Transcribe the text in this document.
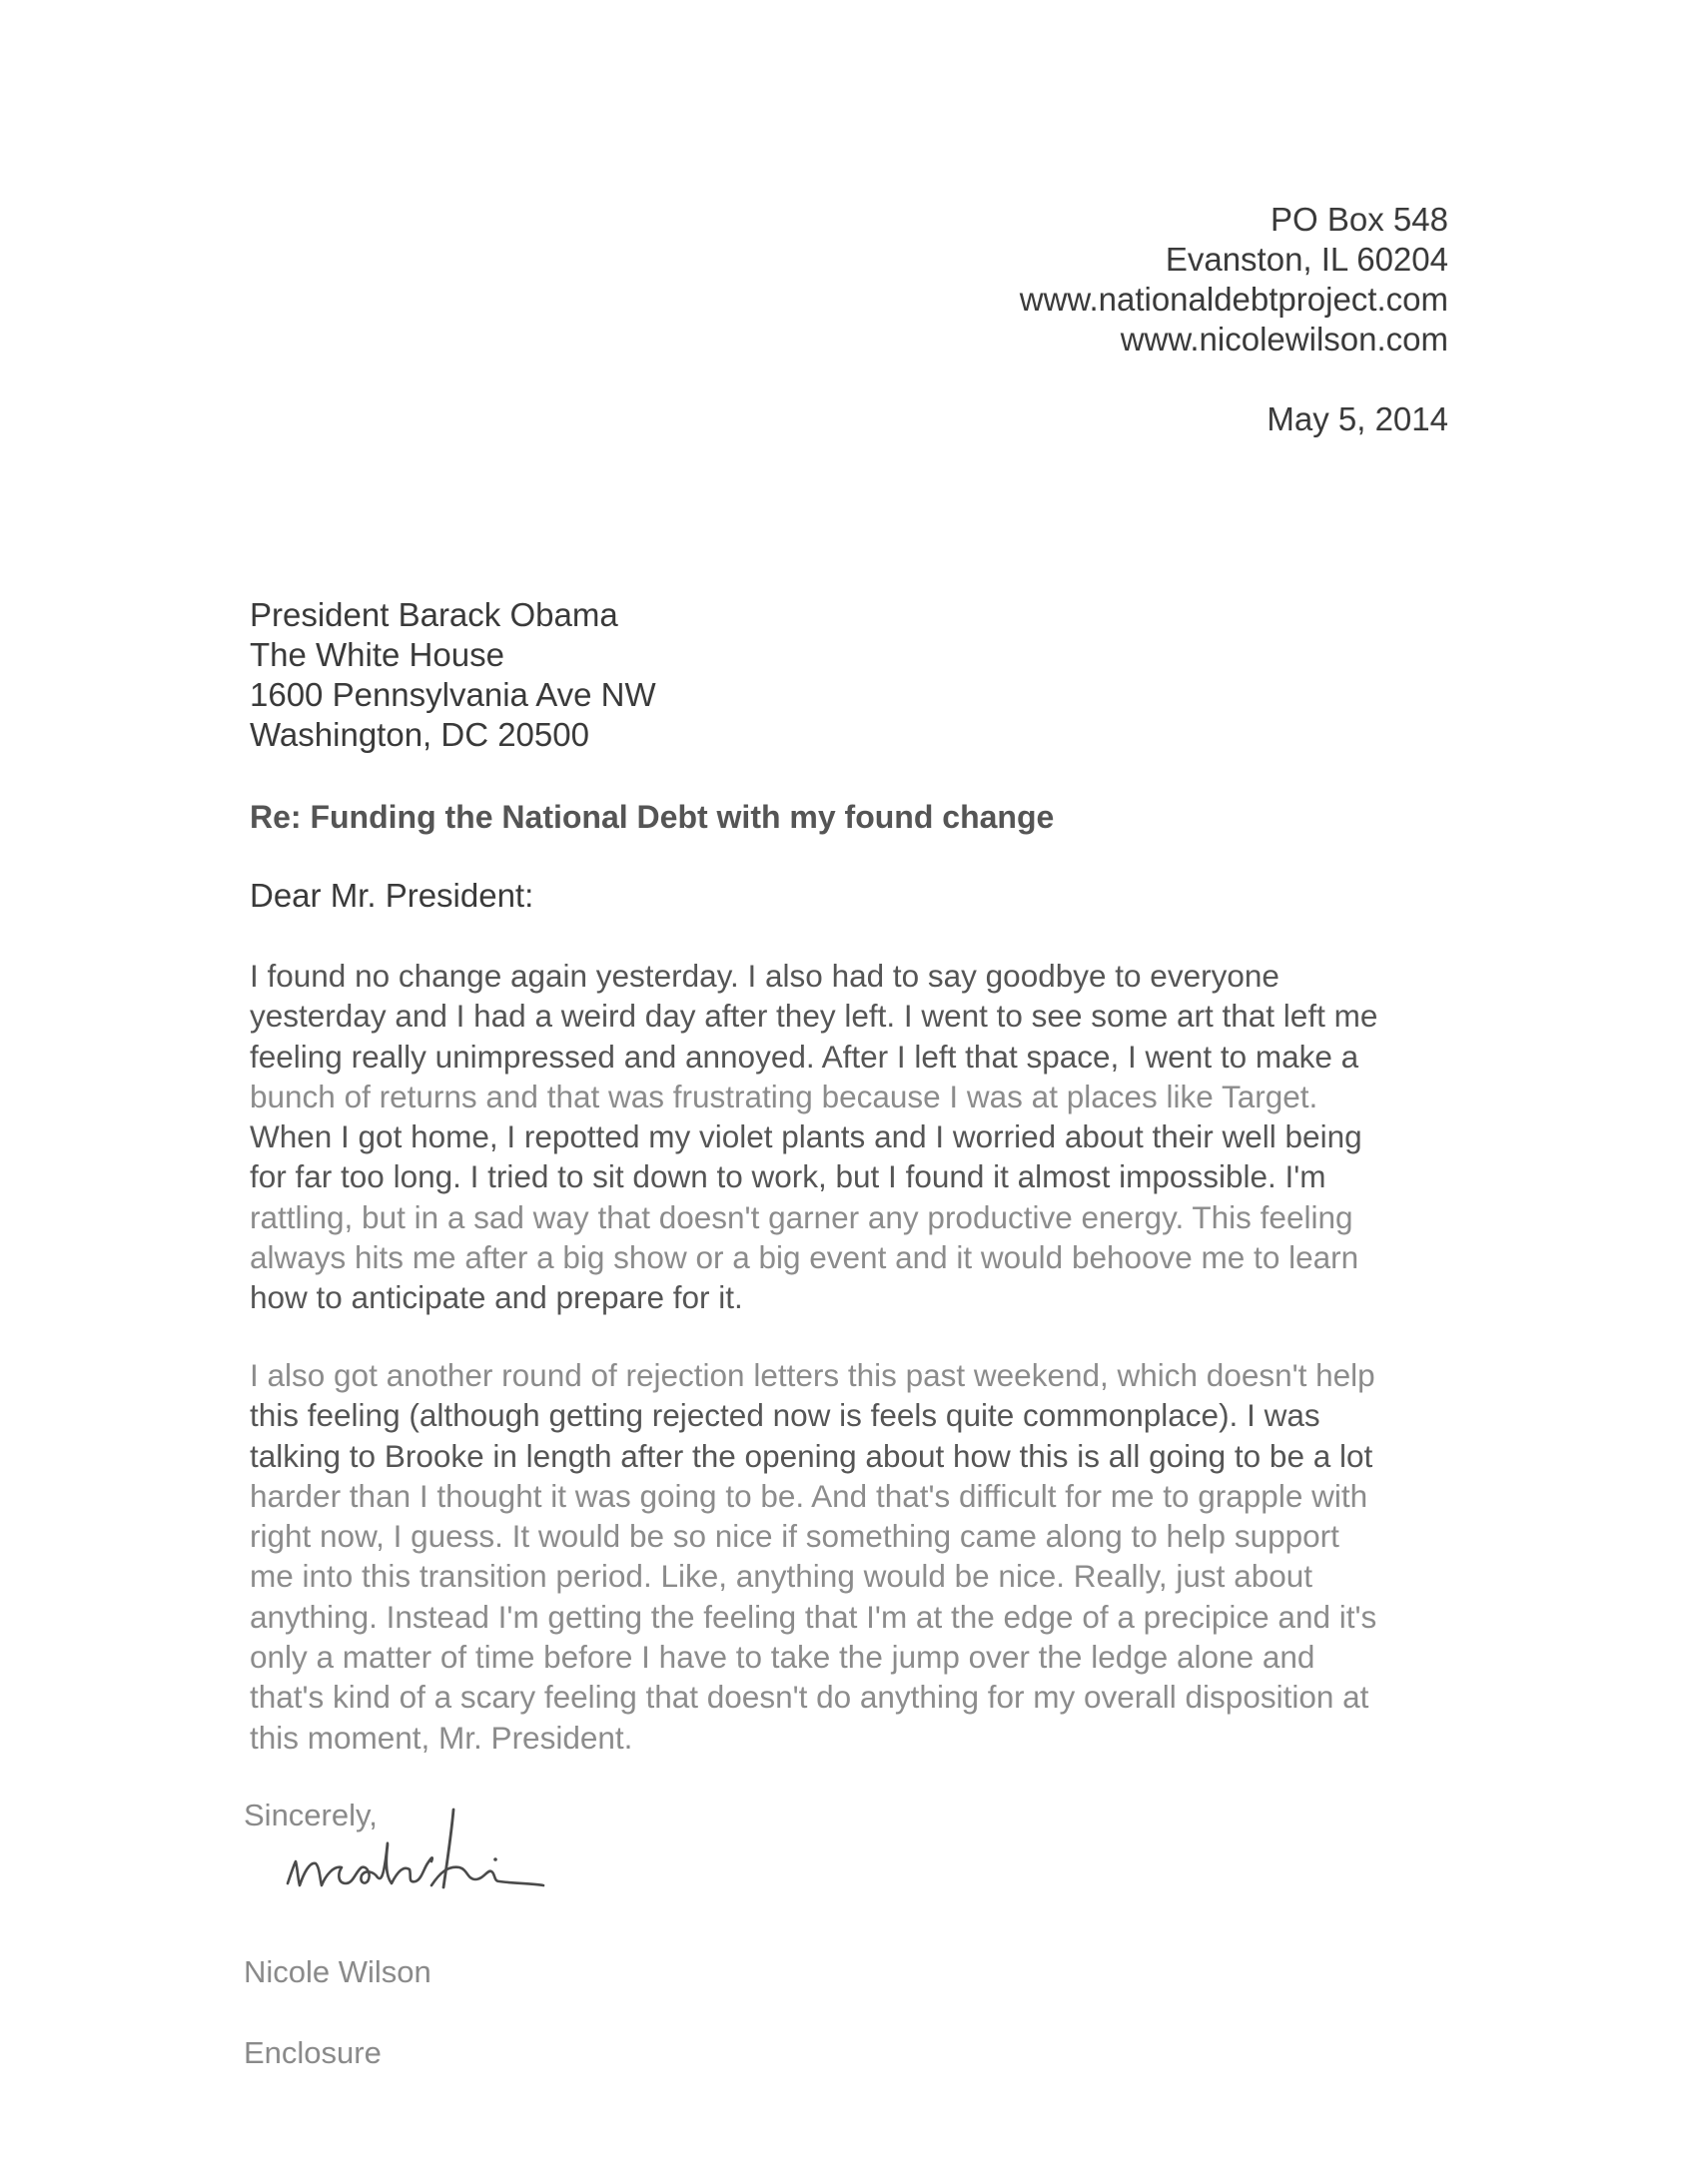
PO Box 548
Evanston, IL 60204
www.nationaldebtproject.com
www.nicolewilson.com
May 5, 2014
President Barack Obama
The White House
1600 Pennsylvania Ave NW
Washington, DC 20500
Re: Funding the National Debt with my found change
Dear Mr. President:
I found no change again yesterday. I also had to say goodbye to everyone
yesterday and I had a weird day after they left. I went to see some art that left me
feeling really unimpressed and annoyed. After I left that space, I went to make a
bunch of returns and that was frustrating because I was at places like Target.
When I got home, I repotted my violet plants and I worried about their well being
for far too long. I tried to sit down to work, but I found it almost impossible. I'm
rattling, but in a sad way that doesn't garner any productive energy. This feeling
always hits me after a big show or a big event and it would behoove me to learn
how to anticipate and prepare for it.
I also got another round of rejection letters this past weekend, which doesn't help
this feeling (although getting rejected now is feels quite commonplace). I was
talking to Brooke in length after the opening about how this is all going to be a lot
harder than I thought it was going to be. And that's difficult for me to grapple with
right now, I guess. It would be so nice if something came along to help support
me into this transition period. Like, anything would be nice. Really, just about
anything. Instead I'm getting the feeling that I'm at the edge of a precipice and it's
only a matter of time before I have to take the jump over the ledge alone and
that's kind of a scary feeling that doesn't do anything for my overall disposition at
this moment, Mr. President.
Sincerely,
Nicole Wilson
Enclosure
